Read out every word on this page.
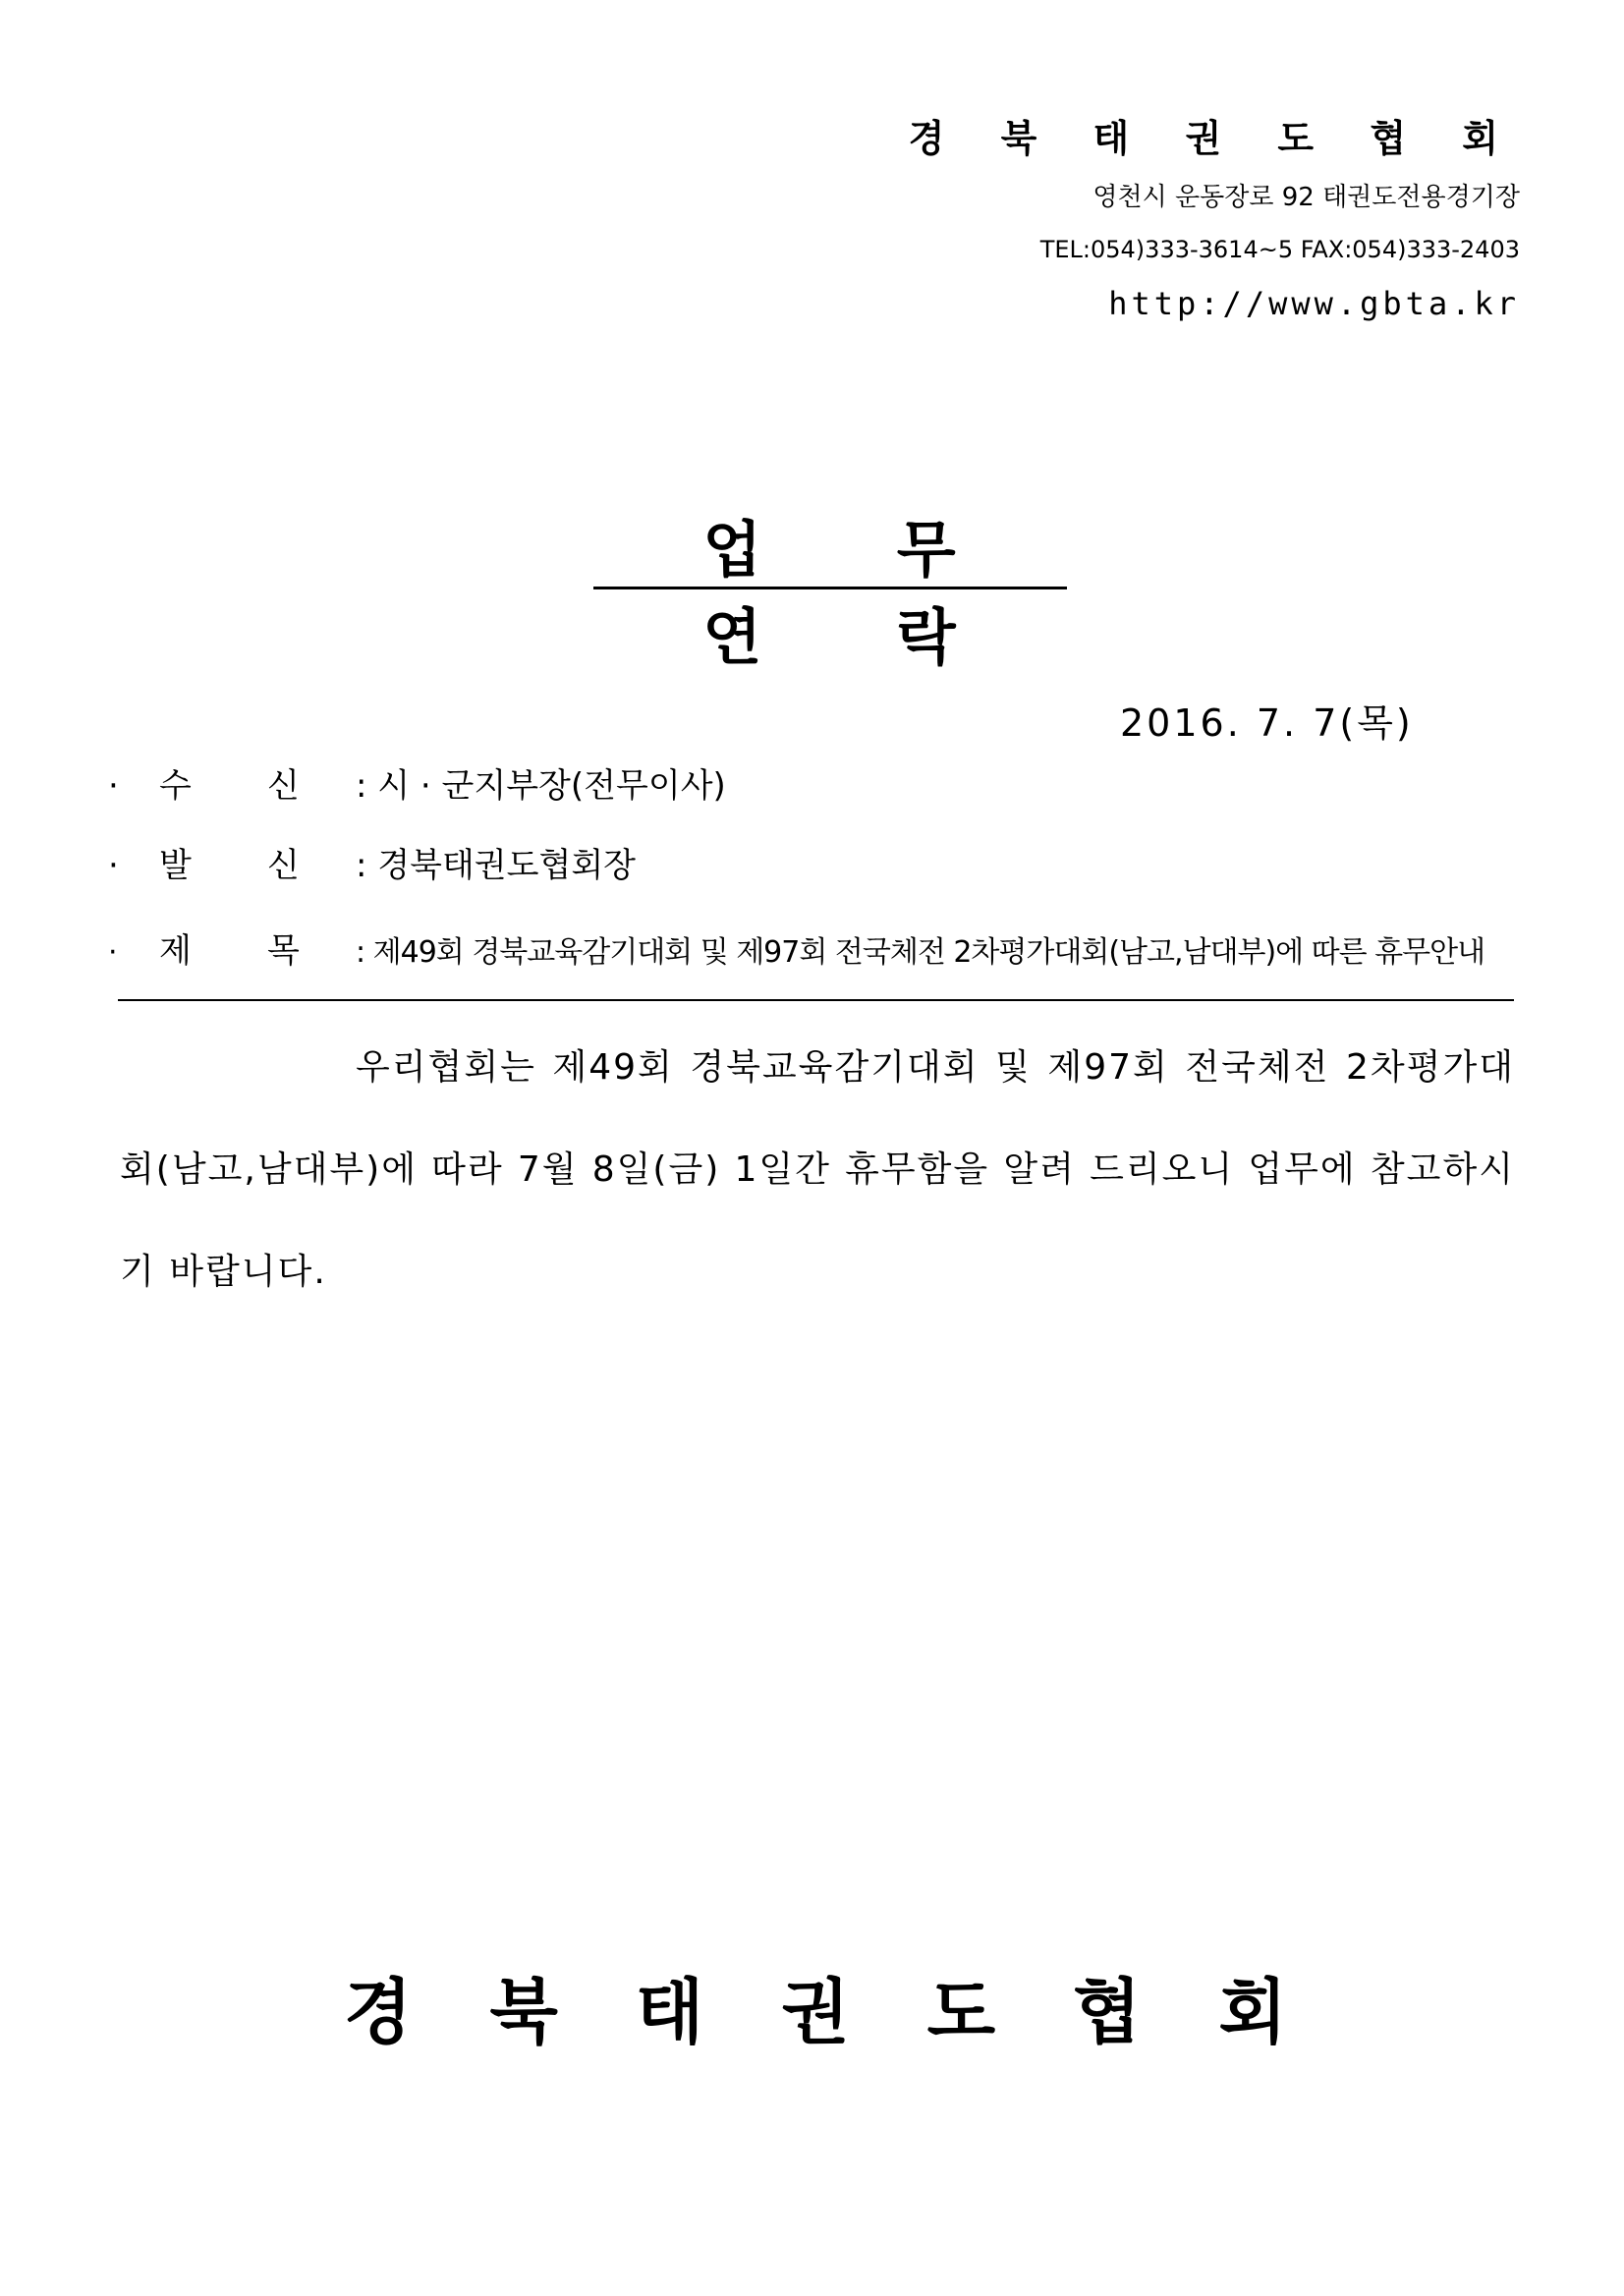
경 북 태 권 도 협 회
영천시 운동장로 92 태권도전용경기장
TEL:054)333-3614~5 FAX:054)333-2403
http://www.gbta.kr
업 무 연 락
2016. 7. 7(목)
· 수 신 : 시 · 군지부장(전무이사)
· 발 신 : 경북태권도협회장
· 제 목 : 제49회 경북교육감기대회 및 제97회 전국체전 2차평가대회(남고,남대부)에 따른 휴무안내
우리협회는 제49회 경북교육감기대회 및 제97회 전국체전 2차평가대회(남고,남대부)에 따라 7월 8일(금) 1일간 휴무함을 알려 드리오니 업무에 참고하시기 바랍니다.
경 북 태 권 도 협 회
